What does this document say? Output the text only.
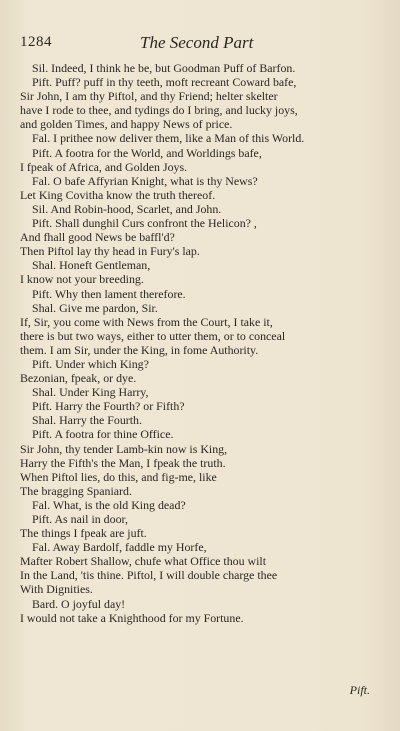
1284	The Second Part
Sil. Indeed, I think he be, but Goodman Puff of Barfon.
Pift. Puff? puff in thy teeth, moft recreant Coward bafe,
Sir John, I am thy Piftol, and thy Friend; helter skelter
have I rode to thee, and tydings do I bring, and lucky joys,
and golden Times, and happy News of price.
Fal. I prithee now deliver them, like a Man of this World.
Pift. A footra for the World, and Worldings bafe,
I fpeak of Africa, and Golden Joys.
Fal. O bafe Affyrian Knight, what is thy News?
Let King Covitha know the truth thereof.
Sil. And Robin-hood, Scarlet, and John.
Pift. Shall dunghil Curs confront the Helicon? ,
And fhall good News be baffl'd?
Then Piftol lay thy head in Fury's lap.
Shal. Honeft Gentleman,
I know not your breeding.
Pift. Why then lament therefore.
Shal. Give me pardon, Sir.
If, Sir, you come with News from the Court, I take it,
there is but two ways, either to utter them, or to conceal
them. I am Sir, under the King, in fome Authority.
Pift. Under which King?
Bezonian, fpeak, or dye.
Shal. Under King Harry,
Pift. Harry the Fourth? or Fifth?
Shal. Harry the Fourth.
Pift. A footra for thine Office.
Sir John, thy tender Lamb-kin now is King,
Harry the Fifth's the Man, I fpeak the truth.
When Piftol lies, do this, and fig-me, like
The bragging Spaniard.
Fal. What, is the old King dead?
Pift. As nail in door,
The things I fpeak are juft.
Fal. Away Bardolf, faddle my Horfe,
Mafter Robert Shallow, chufe what Office thou wilt
In the Land, 'tis thine. Piftol, I will double charge thee
With Dignities.
Bard. O joyful day!
I would not take a Knighthood for my Fortune.
Pift.
